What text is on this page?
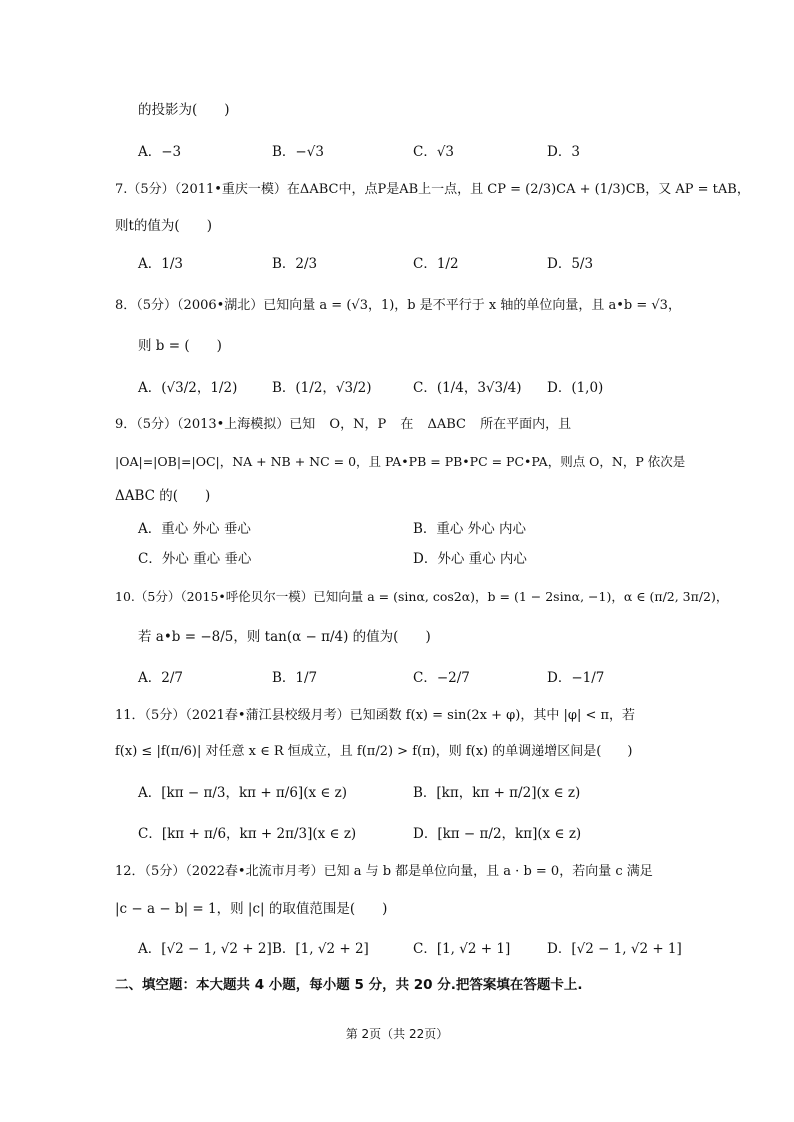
的投影为(　　)
A．−3	B．−√3	C．√3	D．3
7.（5分）（2011•重庆一模）在ΔABC中，点P是AB上一点，且 CP = (2/3)CA + (1/3)CB，又 AP = tAB，
则t的值为(　　)
A．1/3	B．2/3	C．1/2	D．5/3
8．（5分）（2006•湖北）已知向量 a = (√3，1)，b 是不平行于 x 轴的单位向量，且 a•b = √3，
则 b = (　　)
A．(√3/2，1/2)	B．(1/2，√3/2)	C．(1/4，3√3/4) D．(1,0)
9．（5分）（2013•上海模拟）已知 O，N，P 在 ΔABC 所在平面内，且
|OA|=|OB|=|OC|，NA + NB + NC = 0，且 PA•PB = PB•PC = PC•PA，则点 O，N，P 依次是
ΔABC 的(　　)
A．重心 外心 垂心	B．重心 外心 内心
C．外心 重心 垂心	D．外心 重心 内心
10.（5分）（2015•呼伦贝尔一模）已知向量 a = (sinα, cos2α)，b = (1 − 2sinα, −1)，α ∈ (π/2, 3π/2)，
若 a•b = −8/5，则 tan(α − π/4) 的值为(　　)
A．2/7	B．1/7	C．−2/7	D．−1/7
11．（5分）（2021春•蒲江县校级月考）已知函数 f(x) = sin(2x + φ)，其中 |φ| < π，若
f(x) ≤ |f(π/6)| 对任意 x ∈ R 恒成立，且 f(π/2) > f(π)，则 f(x) 的单调递增区间是(　　)
A．[kπ − π/3，kπ + π/6](x ∈ z)	B．[kπ，kπ + π/2](x ∈ z)
C．[kπ + π/6，kπ + 2π/3](x ∈ z)	D．[kπ − π/2，kπ](x ∈ z)
12．（5分）（2022春•北流市月考）已知 a 与 b 都是单位向量，且 a · b = 0，若向量 c 满足
|c − a − b| = 1，则 |c| 的取值范围是(　　)
A．[√2 − 1, √2 + 2] B．[1, √2 + 2]	C．[1, √2 + 1]	D．[√2 − 1, √2 + 1]
二、填空题：本大题共 4 小题，每小题 5 分，共 20 分.把答案填在答题卡上.
第 2页（共 22页）
